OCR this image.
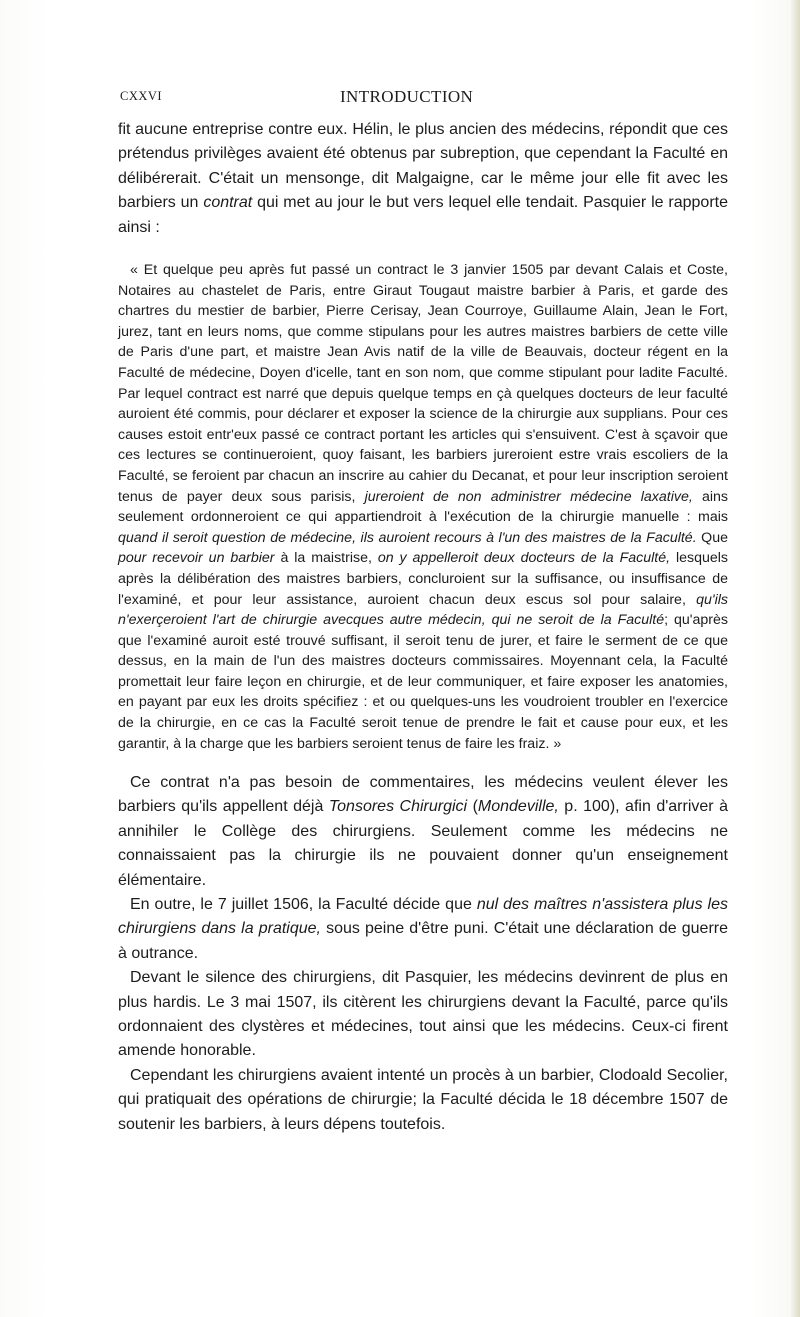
CXXVI	INTRODUCTION

fit aucune entreprise contre eux. Hélin, le plus ancien des médecins, répondit que ces prétendus privilèges avaient été obtenus par subreption, que cependant la Faculté en délibérerait. C'était un mensonge, dit Malgaigne, car le même jour elle fit avec les barbiers un contrat qui met au jour le but vers lequel elle tendait. Pasquier le rapporte ainsi :

« Et quelque peu après fut passé un contract le 3 janvier 1505 par devant Calais et Coste, Notaires au chastelet de Paris, entre Giraut Tougaut maistre barbier à Paris, et garde des chartres du mestier de barbier, Pierre Cerisay, Jean Courroye, Guillaume Alain, Jean le Fort, jurez, tant en leurs noms, que comme stipulans pour les autres maistres barbiers de cette ville de Paris d'une part, et maistre Jean Avis natif de la ville de Beauvais, docteur régent en la Faculté de médecine, Doyen d'icelle, tant en son nom, que comme stipulant pour ladite Faculté. Par lequel contract est narré que depuis quelque temps en çà quelques docteurs de leur faculté auroient été commis, pour déclarer et exposer la science de la chirurgie aux supplians. Pour ces causes estoit entr'eux passé ce contract portant les articles qui s'ensuivent. C'est à sçavoir que ces lectures se continueroient, quoy faisant, les barbiers jureroient estre vrais escoliers de la Faculté, se feroient par chacun an inscrire au cahier du Decanat, et pour leur inscription seroient tenus de payer deux sous parisis, jureroient de non administrer médecine laxative, ains seulement ordonneroient ce qui appartiendroit à l'exécution de la chirurgie manuelle : mais quand il seroit question de médecine, ils auroient recours à l'un des maistres de la Faculté. Que pour recevoir un barbier à la maistrise, on y appelleroit deux docteurs de la Faculté, lesquels après la délibération des maistres barbiers, concluroient sur la suffisance, ou insuffisance de l'examiné, et pour leur assistance, auroient chacun deux escus sol pour salaire, qu'ils n'exerçeroient l'art de chirurgie avecques autre médecin, qui ne seroit de la Faculté; qu'après que l'examiné auroit esté trouvé suffisant, il seroit tenu de jurer, et faire le serment de ce que dessus, en la main de l'un des maistres docteurs commissaires. Moyennant cela, la Faculté promettait leur faire leçon en chirurgie, et de leur communiquer, et faire exposer les anatomies, en payant par eux les droits spécifiez : et ou quelques-uns les voudroient troubler en l'exercice de la chirurgie, en ce cas la Faculté seroit tenue de prendre le fait et cause pour eux, et les garantir, à la charge que les barbiers seroient tenus de faire les fraiz. »

Ce contrat n'a pas besoin de commentaires, les médecins veulent élever les barbiers qu'ils appellent déjà Tonsores Chirurgici (Mondeville, p. 100), afin d'arriver à annihiler le Collège des chirurgiens. Seulement comme les médecins ne connaissaient pas la chirurgie ils ne pouvaient donner qu'un enseignement élémentaire.

En outre, le 7 juillet 1506, la Faculté décide que nul des maîtres n'assistera plus les chirurgiens dans la pratique, sous peine d'être puni. C'était une déclaration de guerre à outrance.

Devant le silence des chirurgiens, dit Pasquier, les médecins devinrent de plus en plus hardis. Le 3 mai 1507, ils citèrent les chirurgiens devant la Faculté, parce qu'ils ordonnaient des clystères et médecines, tout ainsi que les médecins. Ceux-ci firent amende honorable.

Cependant les chirurgiens avaient intenté un procès à un barbier, Clodoald Secolier, qui pratiquait des opérations de chirurgie; la Faculté décida le 18 décembre 1507 de soutenir les barbiers, à leurs dépens toutefois.
